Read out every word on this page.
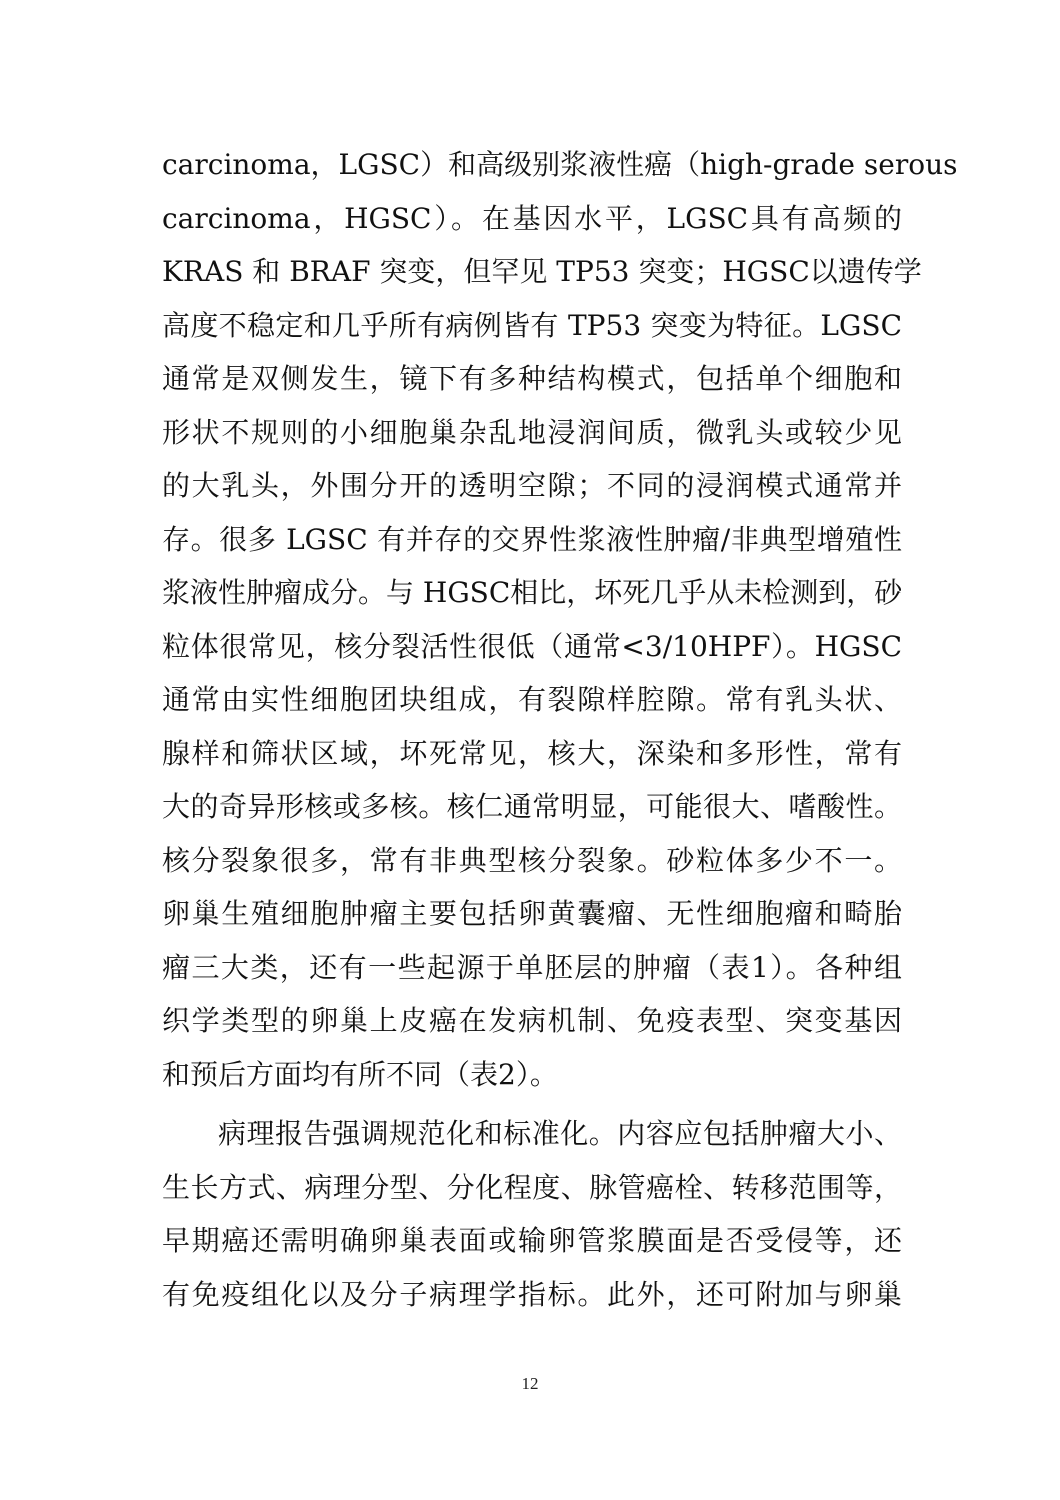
carcinoma，LGSC）和高级别浆液性癌（high-grade serous
carcinoma，HGSC）。在基因水平，LGSC具有高频的
KRAS 和 BRAF 突变，但罕见 TP53 突变；HGSC以遗传学
高度不稳定和几乎所有病例皆有 TP53 突变为特征。LGSC
通常是双侧发生，镜下有多种结构模式，包括单个细胞和
形状不规则的小细胞巢杂乱地浸润间质，微乳头或较少见
的大乳头，外围分开的透明空隙；不同的浸润模式通常并
存。很多 LGSC 有并存的交界性浆液性肿瘤/非典型增殖性
浆液性肿瘤成分。与 HGSC相比，坏死几乎从未检测到，砂
粒体很常见，核分裂活性很低（通常<3/10HPF）。HGSC
通常由实性细胞团块组成，有裂隙样腔隙。常有乳头状、
腺样和筛状区域，坏死常见，核大，深染和多形性，常有
大的奇异形核或多核。核仁通常明显，可能很大、嗜酸性。
核分裂象很多，常有非典型核分裂象。砂粒体多少不一。
卵巢生殖细胞肿瘤主要包括卵黄囊瘤、无性细胞瘤和畸胎
瘤三大类，还有一些起源于单胚层的肿瘤（表1）。各种组
织学类型的卵巢上皮癌在发病机制、免疫表型、突变基因
和预后方面均有所不同（表2）。
病理报告强调规范化和标准化。内容应包括肿瘤大小、
生长方式、病理分型、分化程度、脉管癌栓、转移范围等，
早期癌还需明确卵巢表面或输卵管浆膜面是否受侵等，还
有免疫组化以及分子病理学指标。此外，还可附加与卵巢
12
